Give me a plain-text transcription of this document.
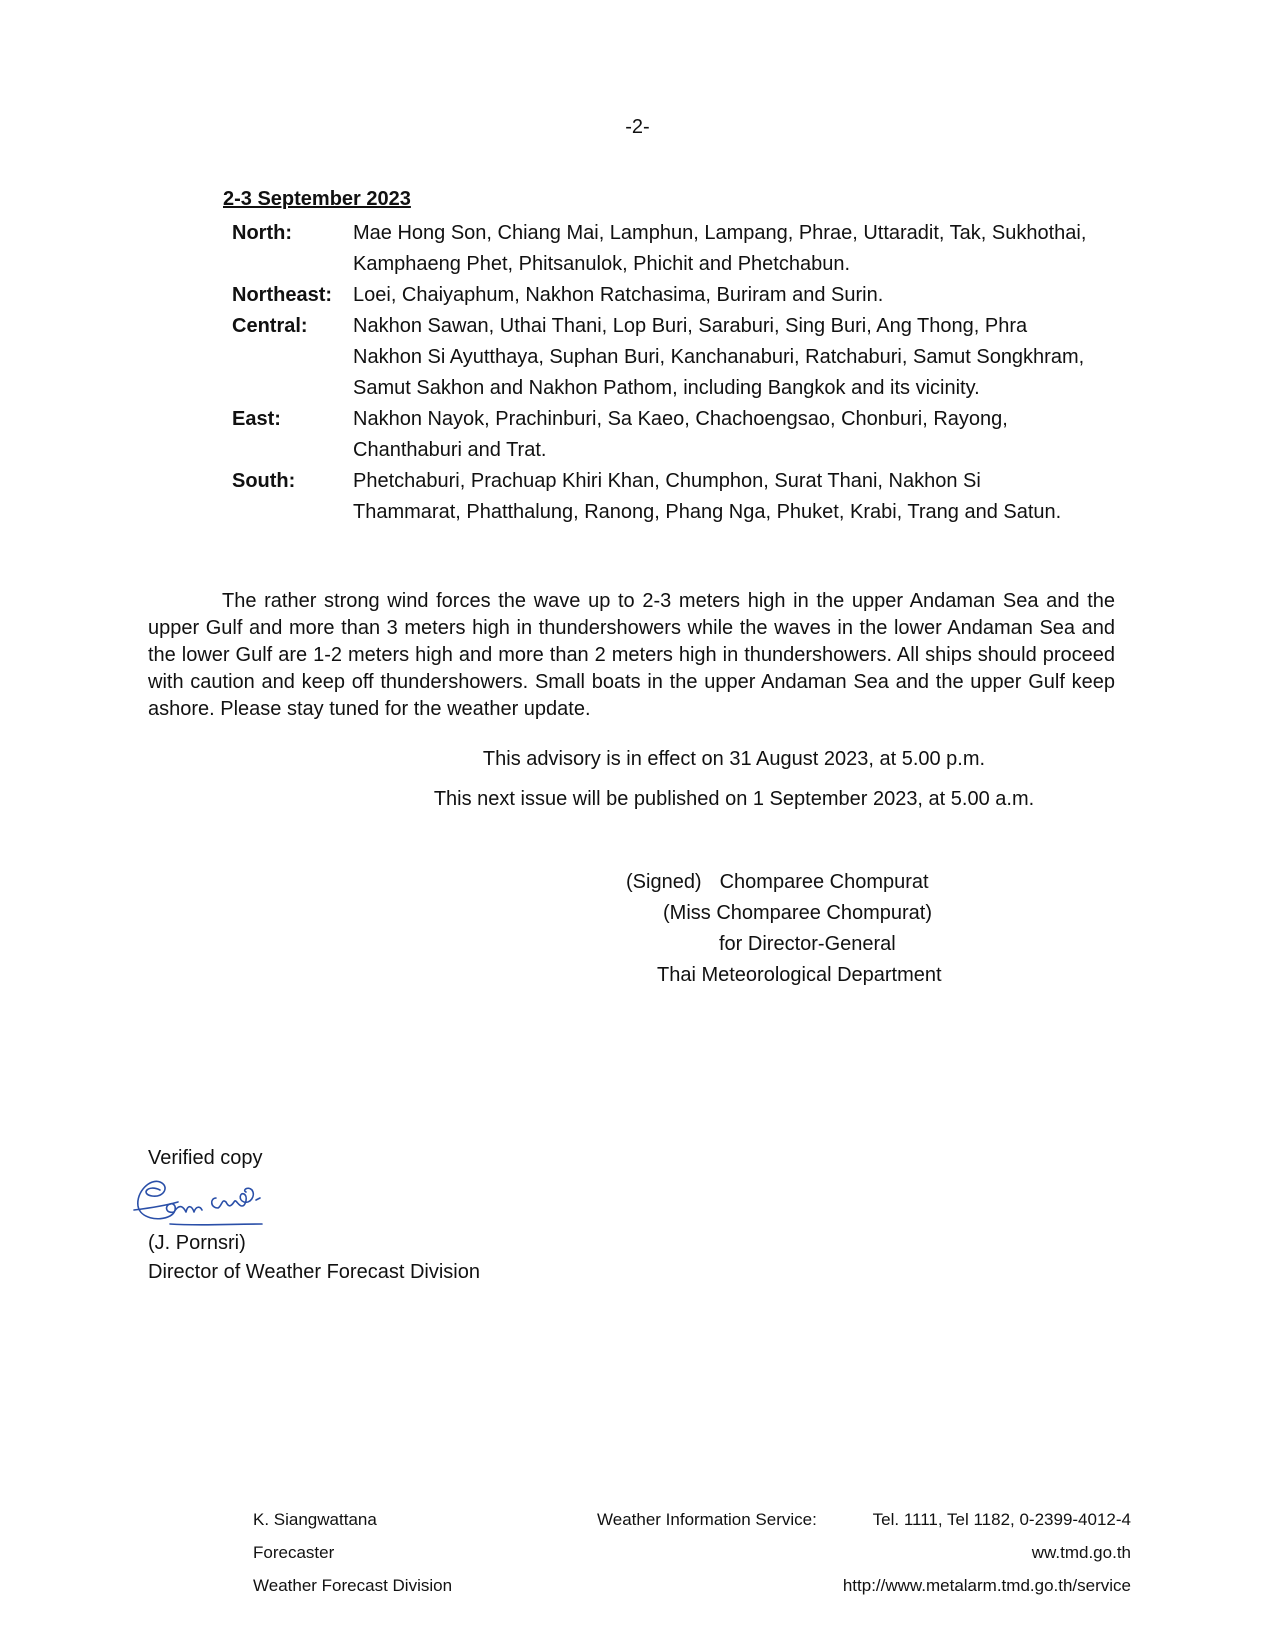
-2-
2-3 September 2023
North:	Mae Hong Son, Chiang Mai, Lamphun, Lampang, Phrae, Uttaradit, Tak, Sukhothai, Kamphaeng Phet, Phitsanulok, Phichit and Phetchabun.
Northeast:	Loei, Chaiyaphum, Nakhon Ratchasima, Buriram and Surin.
Central:	Nakhon Sawan, Uthai Thani, Lop Buri, Saraburi, Sing Buri, Ang Thong, Phra Nakhon Si Ayutthaya, Suphan Buri, Kanchanaburi, Ratchaburi, Samut Songkhram, Samut Sakhon and Nakhon Pathom, including Bangkok and its vicinity.
East:	Nakhon Nayok, Prachinburi, Sa Kaeo, Chachoengsao, Chonburi, Rayong, Chanthaburi and Trat.
South:	Phetchaburi, Prachuap Khiri Khan, Chumphon, Surat Thani, Nakhon Si Thammarat, Phatthalung, Ranong, Phang Nga, Phuket, Krabi, Trang and Satun.
The rather strong wind forces the wave up to 2-3 meters high in the upper Andaman Sea and the upper Gulf and more than 3 meters high in thundershowers while the waves in the lower Andaman Sea and the lower Gulf are 1-2 meters high and more than 2 meters high in thundershowers. All ships should proceed with caution and keep off thundershowers. Small boats in the upper Andaman Sea and the upper Gulf keep ashore. Please stay tuned for the weather update.
This advisory is in effect on 31 August 2023, at 5.00 p.m.
This next issue will be published on 1 September 2023, at 5.00 a.m.
(Signed) Chomparee Chompurat
(Miss Chomparee Chompurat)
for Director-General
Thai Meteorological Department
Verified copy
(J. Pornsri)
Director of Weather Forecast Division
K. Siangwattana
Forecaster
Weather Forecast Division
Weather Information Service:	Tel. 1111, Tel 1182, 0-2399-4012-4
ww.tmd.go.th
http://www.metalarm.tmd.go.th/service
